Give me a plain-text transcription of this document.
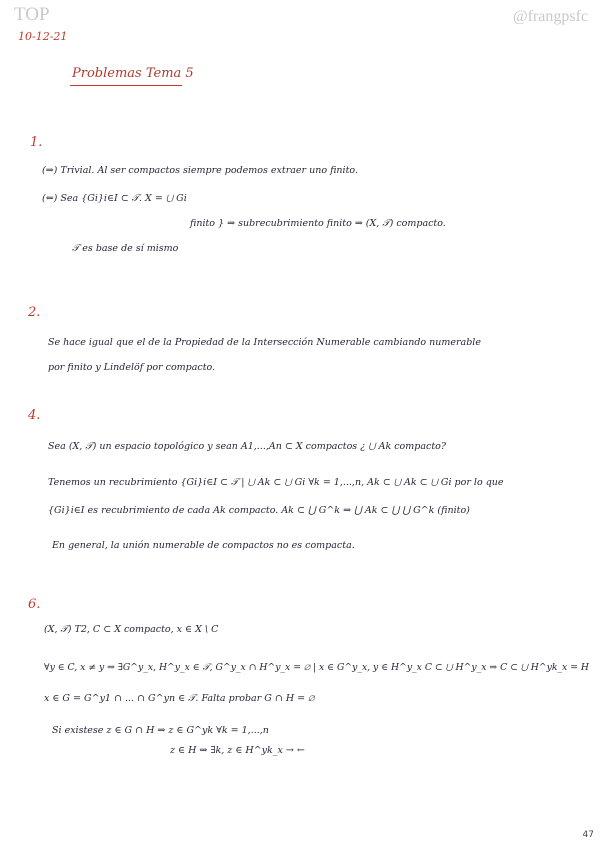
TOP
10-12-21
@frangpsfc
Problemas Tema 5
1.
(⇒) Trivial. Al ser compactos siempre podemos extraer uno finito.
(⇐) Sea {Gi}i∈I ⊂ 𝒯. X = ⋃ Gi
finito } ⇒ subrecubrimiento finito ⇒ (X, 𝒯) compacto.
𝒯 es base de sí mismo
2.
Se hace igual que el de la Propiedad de la Intersección Numerable cambiando numerable
por finito y Lindelöf por compacto.
4.
Sea (X, 𝒯) un espacio topológico y sean A1,...,An ⊂ X compactos ¿ ⋃ Ak compacto?
Tenemos un recubrimiento {Gi}i∈I ⊂ 𝒯 | ⋃ Ak ⊂ ⋃ Gi ∀k = 1,...,n, Ak ⊂ ⋃ Ak ⊂ ⋃ Gi por lo que
{Gi}i∈I es recubrimiento de cada Ak compacto. Ak ⊂ ⋃ G^k ⇒ ⋃ Ak ⊂ ⋃ ⋃ G^k (finito)
En general, la unión numerable de compactos no es compacta.
6.
(X, 𝒯) T2, C ⊂ X compacto, x ∈ X \ C
∀y ∈ C, x ≠ y ⇒ ∃G^y_x, H^y_x ∈ 𝒯, G^y_x ∩ H^y_x = ∅ | x ∈ G^y_x, y ∈ H^y_x C ⊂ ⋃ H^y_x ⇒ C ⊂ ⋃ H^yk_x = H
x ∈ G = G^y1 ∩ ... ∩ G^yn ∈ 𝒯. Falta probar G ∩ H = ∅
Si existese z ∈ G ∩ H ⇒ z ∈ G^yk ∀k = 1,...,n
z ∈ H ⇒ ∃k, z ∈ H^yk_x → ←
47
